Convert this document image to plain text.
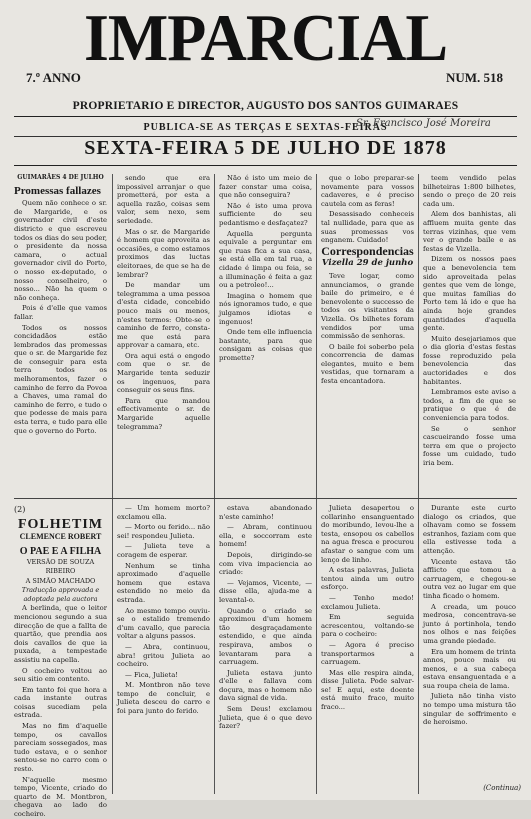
IMPARCIAL
7.º ANNO	NUM. 518
PROPRIETARIO E DIRECTOR, AUGUSTO DOS SANTOS GUIMARAES
PUBLICA-SE AS TERÇAS E SEXTAS-FEIRAS
Sr. Francisco José Moreira
SEXTA-FEIRA 5 DE JULHO DE 1878
GUIMARÃES 4 DE JULHO
Promessas fallazes

Quem não conhece o sr. de Margaride, e os governador civil d'este districto e que escreveu todos os dias do seu poder, o presidente da nossa camara, o actual governador civil do Porto, o nosso ex-deputado, o nosso conselheiro, o nosso... Não ha quem o não conheça.

Pois é d'elle que vamos fallar.

Todos os nossos concidadãos estão lembrados das promessas que o sr. de Margaride fez de conseguir para esta terra todos os melhoramentos, fazer o caminho de ferro da Povoa a Chaves, uma ramal do caminho de ferro, e tudo o que podesse de mais para esta terra, e tudo para elle que o governo do Porto.

sendo que era impossivel arranjar o que prometterá, por esta a aquella razão, coisas sem valor, sem nexo, sem seriedade.

Mas o sr. de Margaride é homem que aproveita as occasiões, e como estamos proximos das luctas eleitoraes, de que se ha de lembrar?

De mandar um telegramma a uma pessoa d'esta cidade, concebido pouco mais ou menos, n'estes termos: Obte-se o caminho de ferro, consta-me que está para approvar a camara, etc.

Ora aqui está o engodo com que o sr. de Margaride tenta seduzir os ingenuos, para conseguir os seus fins.

Para que mandou effectivamente o sr. de Margaride aquelle telegramma?

Não é isto um meio de fazer constar uma coisa, que não conseguira?

Não é isto uma prova sufficiente do seu pedantismo e desfaçatez?

Aquella pergunta equivale a perguntar em que ruas fica a sua casa, se está ella em tal rua, a cidade é limpa ou feia, se a illuminação é feita a gaz ou a petroleo!...

Imagina o homem que nós ignoramos tudo, e que julgamos idiotas e ingenuos!

Onde tem elle influencia bastante, para que consigam as coisas que promette?

que o lobo preparar-se novamente para vossos cadaveres, e é preciso cautela com as feras!

Desassisado conheceis tal nullidade, para que as suas promessas vos enganem. Cuidado!

Correspondencias
Vizella 29 de junho

Teve logar, como annunciamos, o grande baile do primeiro, e é benevolente o successo de todos os visitantes da Vizella. Os bilhetes foram vendidos por uma commissão de senhoras.

O baile foi soberbo pela concorrencia de damas elegantes, muito e bem vestidas, que tornaram a festa encantadora.

teem vendido pelas bilheteiras 1:800 bilhetes, sendo o preço de 20 reis cada um.

Alem dos banhistas, ali affluem muita gente das terras vizinhas, que vem ver o grande baile e as festas de Vizella.

Dizem os nossos paes que a benevolencia tem sido aproveitada pelas gentes que vem de longe, que muitas famílias do Porto tem lá ido e que ha ainda hoje grandes quantidades d'aquella gente.

Muito desejariamos que o dia gloria d'estas festas fosse reproduzido pela benevolencia das auctoridades e dos habitantes.

Lembramos este aviso a todos, a fim de que se pratique o que é de conveniencia para todos.

Se o senhor cascueirando fosse uma terra em que o projecto fosse um cuidado, tudo iria bem.

(2)
FOLHETIM
CLEMENCE ROBERT
O PAE E A FILHA
VERSÃO DE SOUZA RIBEIRO
A SIMÃO MACHADO
Traducção approvada e adoptada pela auctora

A berlinda, que o leitor mencionou segundo a sua direcção de que a fallta de quartão, que prendia aos dois cavallos de que ia puxada, a tempestade assistiu na capella.

O cocheiro voltou ao seu sitio em contento.

Em tanto foi que hora a cada instante outras coisas sucediam pela estrada.

Mas no fim d'aquelle tempo, os cavallos pareciam sossegados, mas tudo estava, e o senhor sentou-se no carro com o resto.

N'aquelle mesmo tempo, Vicente, criado do quarto de M. Montbron, chegava ao lado do cocheiro.

— Um homem morto? exclamou ella.

— Morto ou ferido... não sei! respondeu Julieta.

— Julieta teve a coragem de esperar.

Nenhum se tinha aproximado d'aquelle homem que estava estendido no meio da estrada.

Ao mesmo tempo ouviu-se o estalido tremendo d'um cavallo, que parecia voltar a alguns passos.

— Abra, continuou, abra! gritou Julieta ao cocheiro.

— Fica, Julieta!

M. Montbron não teve tempo de concluir, e Julieta desceu do carro e foi para junto do ferido.

estava abandonado n'este caminho!

— Abram, continuou ella, e soccorram este homem!

Depois, dirigindo-se com viva impaciencia ao criado:

— Vejamos, Vicente, — disse ella, ajuda-me a levantal-o.

Quando o criado se aproximou d'um homem tão desgraçadamente estendido, e que ainda respirava, ambos o levantaram para a carruagem.

Julieta estava junto d'elle e fallava com doçura, mas o homem não dava signal de vida.

Sem Deus! exclamou Julieta, que é o que devo fazer?

Julieta desapertou o collarinho ensanguentado do moribundo, levou-lhe a testa, ensopou os cabellos na agua fresca e procurou afastar o sangue com um lenço de linho.

A estas palavras, Julieta tentou ainda um outro esforço.

— Tenho medo! exclamou Julieta.

Em seguida acrescentou, voltando-se para o cocheiro:

— Agora é preciso transportarmos a carruagem.

Mas elle respira ainda, disse Julieta. Pode salvar-se! E aqui, este doente está muito fraco, muito fraco...

Durante este curto dialogo os criados, que olhavam como se fossem estranhos, faziam com que ella estivesse toda a attenção.

Vicente estava tão afflicto que tomou a carruagem, e chegou-se outra vez ao lugar em que tinha ficado o homem.

A creada, um pouco medrosa, concentrava-se junto á portinhola, tendo nos olhos e nas feições uma grande piedade.

Era um homem de trinta annos, pouco mais ou menos, e a sua cabeça estava ensanguentada e a sua roupa cheia de lama.

Julieta não tinha visto no tempo uma mistura tão singular de soffrimento e de heroismo.

(Continua)
